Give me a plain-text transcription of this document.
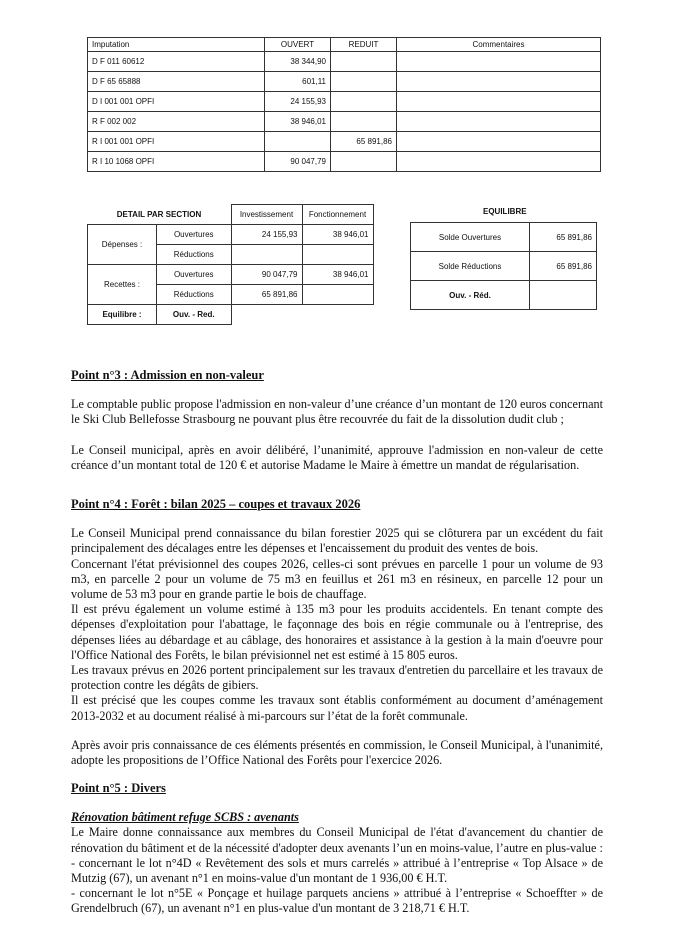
Imputation	OUVERT	REDUIT	Commentaires
D F 011 60612	38 344,90		
D F 65 65888	601,11		
D I 001 001 OPFI	24 155,93		
R F 002 002	38 946,01		
R I 001 001 OPFI		65 891,86	
R I 10 1068 OPFI	90 047,79		
DETAIL PAR SECTION		Investissement	Fonctionnement
Dépenses :	Ouvertures	24 155,93	38 946,01
	Réductions		
Recettes :	Ouvertures	90 047,79	38 946,01
	Réductions	65 891,86	
Equilibre :	Ouv. - Red.		
EQUILIBRE
Solde Ouvertures	65 891,86
Solde Réductions	65 891,86
Ouv. - Réd.	
Point n°3 : Admission en non-valeur

Le comptable public propose l'admission en non-valeur d’une créance d’un montant de 120 euros concernant le Ski Club Bellefosse Strasbourg ne pouvant plus être recouvrée du fait de la dissolution dudit club ;

Le Conseil municipal, après en avoir délibéré, l’unanimité, approuve l'admission en non-valeur de cette créance d’un montant total de 120 € et autorise Madame le Maire à émettre un mandat de régularisation.

Point n°4 : Forêt : bilan 2025 – coupes et travaux 2026

Le Conseil Municipal prend connaissance du bilan forestier 2025 qui se clôturera par un excédent du fait principalement des décalages entre les dépenses et l'encaissement du produit des ventes de bois.

Concernant l'état prévisionnel des coupes 2026, celles-ci sont prévues en parcelle 1 pour un volume de 93 m3, en parcelle 2 pour un volume de 75 m3 en feuillus et 261 m3 en résineux, en parcelle 12 pour un volume de 53 m3 pour en grande partie le bois de chauffage.

Il est prévu également un volume estimé à 135 m3 pour les produits accidentels. En tenant compte des dépenses d'exploitation pour l'abattage, le façonnage des bois en régie communale ou à l'entreprise, des dépenses liées au débardage et au câblage, des honoraires et assistance à la gestion à la main d'oeuvre pour l'Office National des Forêts, le bilan prévisionnel net est estimé à 15 805 euros.

Les travaux prévus en 2026 portent principalement sur les travaux d'entretien du parcellaire et les travaux de protection contre les dégâts de gibiers.

Il est précisé que les coupes comme les travaux sont établis conformément au document d’aménagement 2013-2032 et au document réalisé à mi-parcours sur l’état de la forêt communale.

Après avoir pris connaissance de ces éléments présentés en commission, le Conseil Municipal, à l'unanimité, adopte les propositions de l’Office National des Forêts pour l'exercice 2026.

Point n°5 : Divers
Rénovation bâtiment refuge SCBS : avenants

Le Maire donne connaissance aux membres du Conseil Municipal de l'état d'avancement du chantier de rénovation du bâtiment et de la nécessité d'adopter deux avenants l’un en moins-value, l’autre en plus-value :

- concernant le lot n°4D « Revêtement des sols et murs carrelés » attribué à l’entreprise « Top Alsace » de Mutzig (67), un avenant n°1 en moins-value d'un montant de 1 936,00 € H.T.

- concernant le lot n°5E « Ponçage et huilage parquets anciens » attribué à l’entreprise « Schoeffter » de Grendelbruch (67), un avenant n°1 en plus-value d'un montant de 3 218,71 € H.T.
